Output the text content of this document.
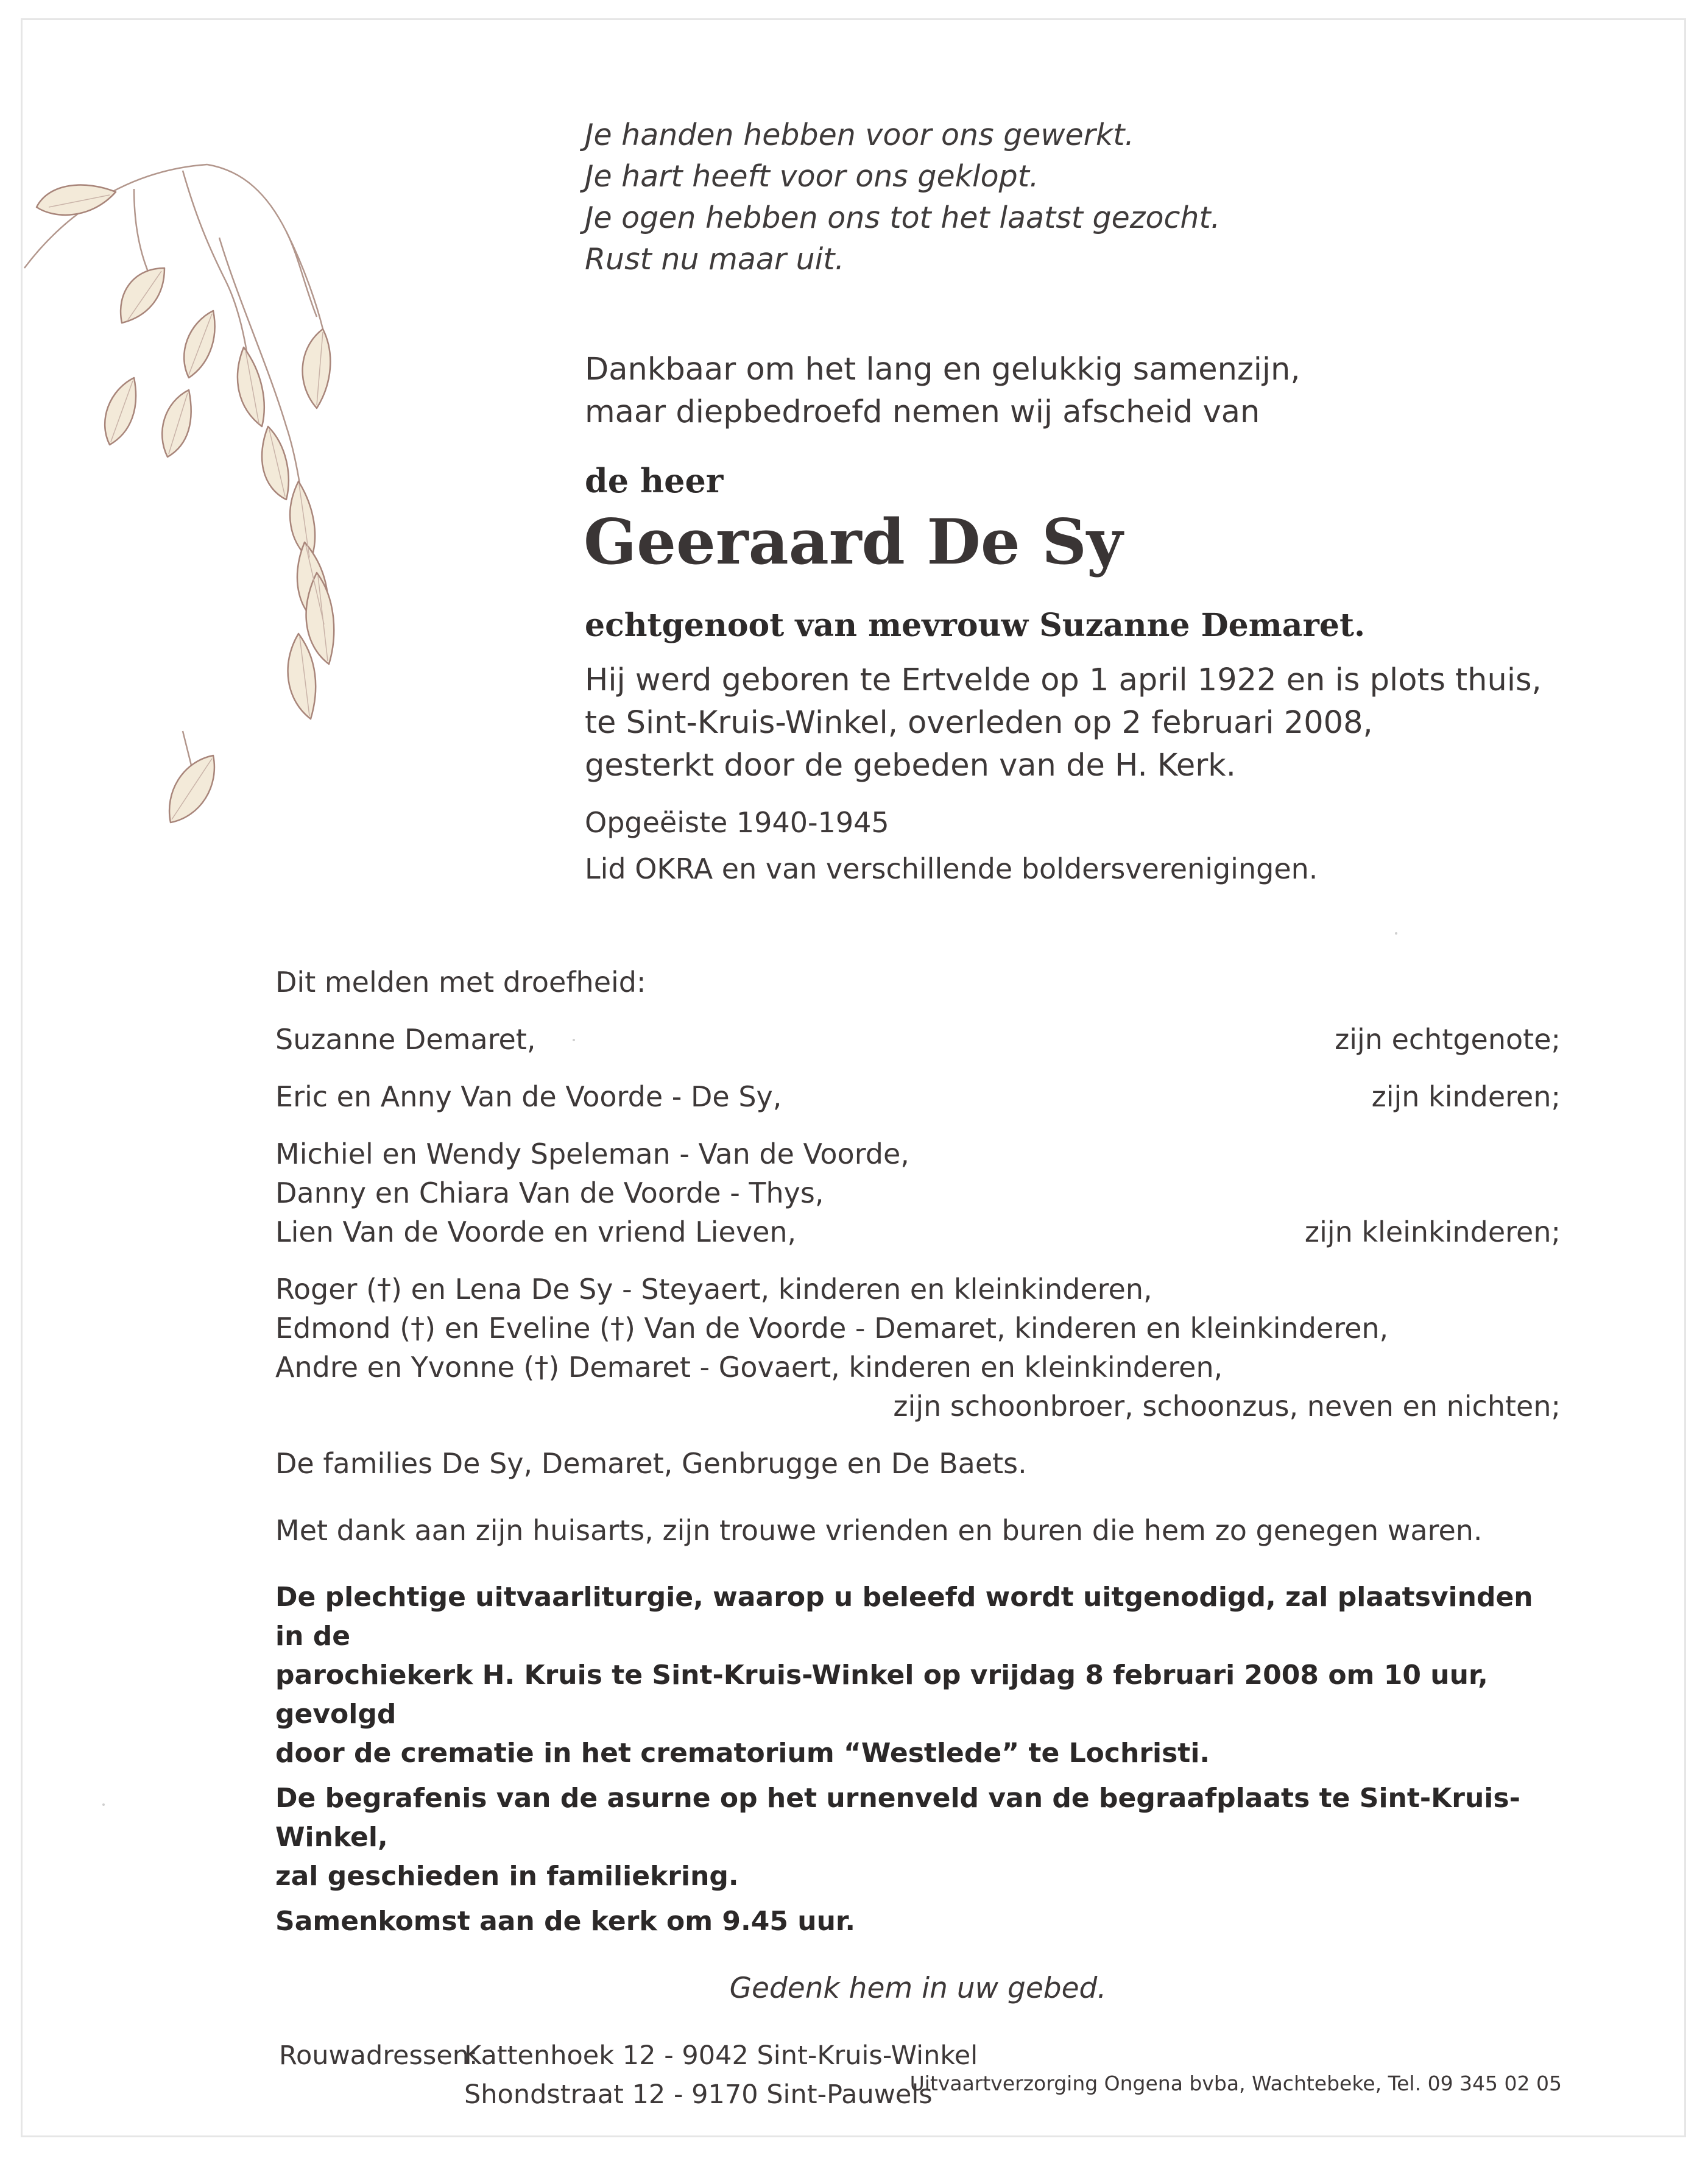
Je handen hebben voor ons gewerkt.
Je hart heeft voor ons geklopt.
Je ogen hebben ons tot het laatst gezocht.
Rust nu maar uit.
Dankbaar om het lang en gelukkig samenzijn,
maar diepbedroefd nemen wij afscheid van
de heer
Geeraard De Sy
echtgenoot van mevrouw Suzanne Demaret.
Hij werd geboren te Ertvelde op 1 april 1922 en is plots thuis,
te Sint-Kruis-Winkel, overleden op 2 februari 2008,
gesterkt door de gebeden van de H. Kerk.
Opgeëiste 1940-1945
Lid OKRA en van verschillende boldersverenigingen.
Dit melden met droefheid:
Suzanne Demaret,	zijn echtgenote;
Eric en Anny Van de Voorde - De Sy,	zijn kinderen;
Michiel en Wendy Speleman - Van de Voorde,
Danny en Chiara Van de Voorde - Thys,
Lien Van de Voorde en vriend Lieven,	zijn kleinkinderen;
Roger (†) en Lena De Sy - Steyaert, kinderen en kleinkinderen,
Edmond (†) en Eveline (†) Van de Voorde - Demaret, kinderen en kleinkinderen,
Andre en Yvonne (†) Demaret - Govaert, kinderen en kleinkinderen,
zijn schoonbroer, schoonzus, neven en nichten;
De families De Sy, Demaret, Genbrugge en De Baets.
Met dank aan zijn huisarts, zijn trouwe vrienden en buren die hem zo genegen waren.
De plechtige uitvaarliturgie, waarop u beleefd wordt uitgenodigd, zal plaatsvinden in de
parochiekerk H. Kruis te Sint-Kruis-Winkel op vrijdag 8 februari 2008 om 10 uur, gevolgd
door de crematie in het crematorium “Westlede” te Lochristi.
De begrafenis van de asurne op het urnenveld van de begraafplaats te Sint-Kruis-Winkel,
zal geschieden in familiekring.
Samenkomst aan de kerk om 9.45 uur.
Gedenk hem in uw gebed.
Rouwadressen:
Kattenhoek 12 - 9042 Sint-Kruis-Winkel
Shondstraat 12 - 9170 Sint-Pauwels
Uitvaartverzorging Ongena bvba, Wachtebeke, Tel. 09 345 02 05
